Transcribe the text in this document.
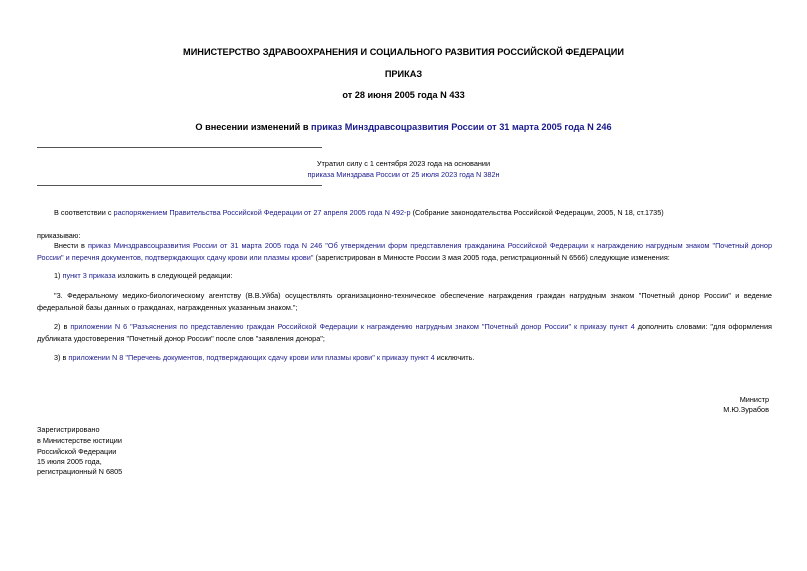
МИНИСТЕРСТВО ЗДРАВООХРАНЕНИЯ И СОЦИАЛЬНОГО РАЗВИТИЯ РОССИЙСКОЙ ФЕДЕРАЦИИ
ПРИКАЗ
от 28 июня 2005 года N 433
О внесении изменений в приказ Минздравсоцразвития России от 31 марта 2005 года N 246
Утратил силу с 1 сентября 2023 года на основании
приказа Минздрава России от 25 июля 2023 года N 382н
В соответствии с распоряжением Правительства Российской Федерации от 27 апреля 2005 года N 492-р (Собрание законодательства Российской Федерации, 2005, N 18, ст.1735)
приказываю:
Внести в приказ Минздравсоцразвития России от 31 марта 2005 года N 246 "Об утверждении форм представления гражданина Российской Федерации к награждению нагрудным знаком "Почетный донор России" и перечня документов, подтверждающих сдачу крови или плазмы крови" (зарегистрирован в Минюсте России 3 мая 2005 года, регистрационный N 6566) следующие изменения:
1) пункт 3 приказа изложить в следующей редакции:
"3. Федеральному медико-биологическому агентству (В.В.Уйба) осуществлять организационно-техническое обеспечение награждения граждан нагрудным знаком "Почетный донор России" и ведение федеральной базы данных о гражданах, награжденных указанным знаком.";
2) в приложении N 6 "Разъяснения по представлению граждан Российской Федерации к награждению нагрудным знаком "Почетный донор России" к приказу пункт 4 дополнить словами: "для оформления дубликата удостоверения "Почетный донор России" после слов "заявления донора";
3) в приложении N 8 "Перечень документов, подтверждающих сдачу крови или плазмы крови" к приказу пункт 4 исключить.
Министр
М.Ю.Зурабов
Зарегистрировано
в Министерстве юстиции
Российской Федерации
15 июля 2005 года,
регистрационный N 6805
